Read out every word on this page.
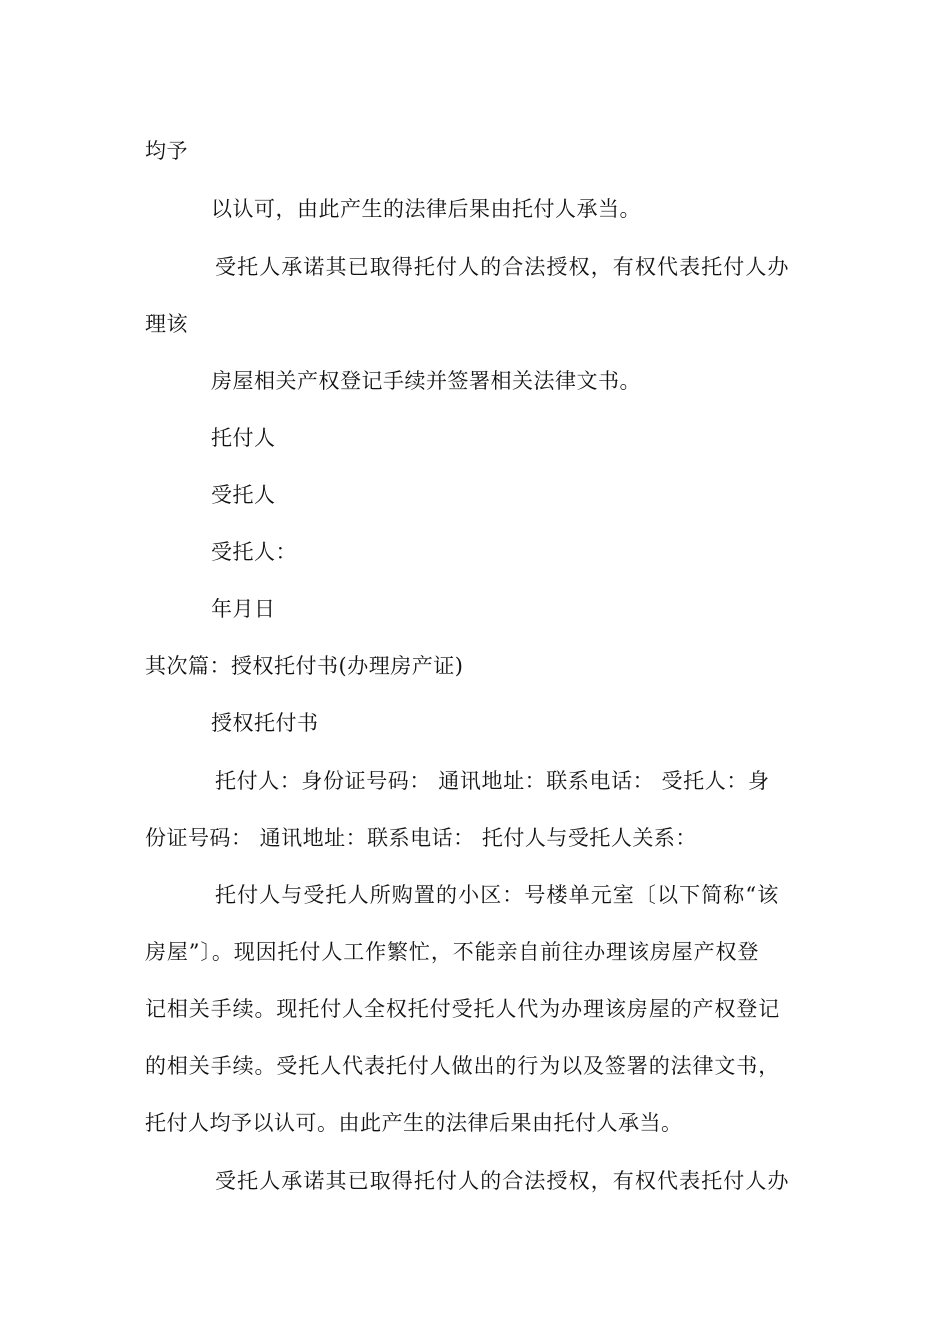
均予
以认可，由此产生的法律后果由托付人承当。
受托人承诺其已取得托付人的合法授权，有权代表托付人办
理该
房屋相关产权登记手续并签署相关法律文书。
托付人
受托人
受托人：
年月日
其次篇：授权托付书(办理房产证)
授权托付书
托付人：身份证号码： 通讯地址：联系电话： 受托人：身
份证号码： 通讯地址：联系电话： 托付人与受托人关系：
托付人与受托人所购置的小区：号楼单元室〔以下简称“该
房屋”〕。现因托付人工作繁忙，不能亲自前往办理该房屋产权登
记相关手续。现托付人全权托付受托人代为办理该房屋的产权登记
的相关手续。受托人代表托付人做出的行为以及签署的法律文书，
托付人均予以认可。由此产生的法律后果由托付人承当。
受托人承诺其已取得托付人的合法授权，有权代表托付人办
